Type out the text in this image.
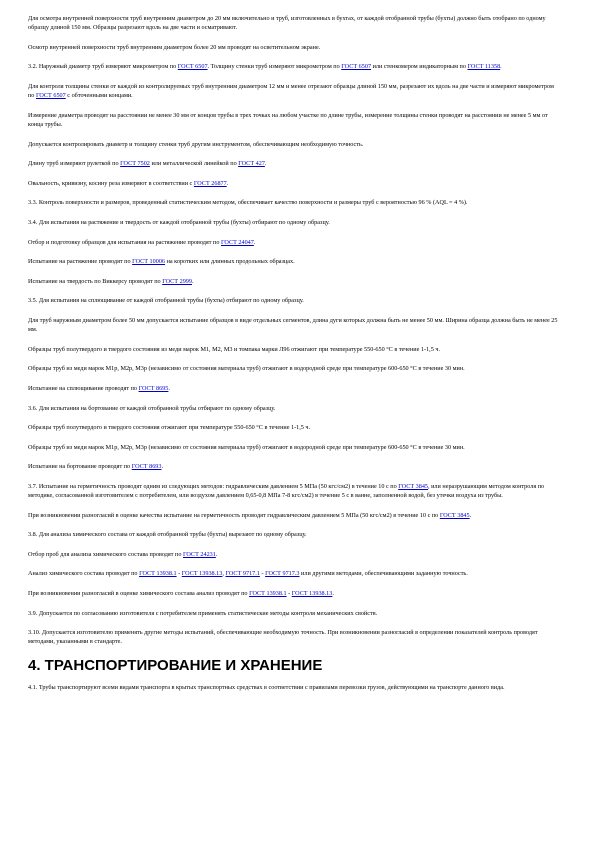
Для осмотра внутренней поверхности труб внутренним диаметром до 20 мм включительно и труб, изготовленных в бухтах, от каждой отобранной трубы (бухты) должно быть отобрано по одному образцу длиной 150 мм. Образцы разрезают вдоль на две части и осматривают.

Осмотр внутренней поверхности труб внутренним диаметром более 20 мм проводят на осветительном экране.

3.2. Наружный диаметр труб измеряют микрометром по ГОСТ 6507. Толщину стенки труб измеряют микрометром по ГОСТ 6507 или стенкомером индикаторным по ГОСТ 11358.

Для контроля толщины стенки от каждой из контролируемых труб внутренним диаметром 12 мм и менее отрезают образцы длиной 150 мм, разрезают их вдоль на две части и измеряют микрометром по ГОСТ 6507 с обточенными концами.

Измерение диаметра проводят на расстоянии не менее 30 мм от концов трубы в трех точках на любом участке по длине трубы, измерение толщины стенки проводят на расстоянии не менее 5 мм от конца трубы.

Допускается контролировать диаметр и толщину стенки труб другим инструментом, обеспечивающим необходимую точность.

Длину труб измеряют рулеткой по ГОСТ 7502 или металлической линейкой по ГОСТ 427.

Овальность, кривизну, косину реза измеряют в соответствии с ГОСТ 26877.

3.3. Контроль поверхности и размеров, проведенный статистическим методом, обеспечивает качество поверхности и размеры труб с вероятностью 96 % (AQL = 4 %).

3.4. Для испытания на растяжение и твердость от каждой отобранной трубы (бухты) отбирают по одному образцу.

Отбор и подготовку образцов для испытания на растяжение проводят по ГОСТ 24047.

Испытание на растяжение проводят по ГОСТ 10006 на коротких или длинных продольных образцах.

Испытание на твердость по Виккерсу проводят по ГОСТ 2999.

3.5. Для испытания на сплющивание от каждой отобранной трубы (бухты) отбирают по одному образцу.

Для труб наружным диаметром более 50 мм допускается испытание образцов в виде отдельных сегментов, длина дуги которых должна быть не менее 50 мм. Ширина образца должна быть не менее 25 мм.

Образцы труб полутвердого и твердого состояния из меди марок М1, М2, М3 и томпака марки Л96 отжигают при температуре 550-650 °С в течение 1-1,5 ч.

Образцы труб из меди марок М1р, М2р, М3р (независимо от состояния материала труб) отжигают в водородной среде при температуре 600-650 °С в течение 30 мин.

Испытание на сплющивание проводят по ГОСТ 8695.

3.6. Для испытания на бортование от каждой отобранной трубы отбирают по одному образцу.

Образцы труб полутвердого и твердого состояния отжигают при температуре 550-650 °С в течение 1-1,5 ч.

Образцы труб из меди марок М1р, М2р, М3р (независимо от состояния материала труб) отжигают в водородной среде при температуре 600-650 °С в течение 30 мин.

Испытание на бортование проводят по ГОСТ 8693.

3.7. Испытание на герметичность проводят одним из следующих методов: гидравлическим давлением 5 МПа (50 кгс/см2) в течение 10 с по ГОСТ 3845, или неразрушающим методом контроля по методике, согласованной изготовителем с потребителем, или воздухом давлением 0,65-0,8 МПа 7-8 кгс/см2) в течение 5 с в ванне, заполненной водой, без утечки воздуха из трубы.

При возникновении разногласий в оценке качества испытание на герметичность проводят гидравлическим давлением 5 МПа (50 кгс/см2) в течение 10 с по ГОСТ 3845.

3.8. Для анализа химического состава от каждой отобранной трубы (бухты) вырезают по одному образцу.

Отбор проб для анализа химического состава проводят по ГОСТ 24231.

Анализ химического состава проводят по ГОСТ 13938.1 - ГОСТ 13938.13, ГОСТ 9717.1 - ГОСТ 9717.3 или другими методами, обеспечивающими заданную точность.

При возникновении разногласий в оценке химического состава анализ проводят по ГОСТ 13938.1 - ГОСТ 13938.13.

3.9. Допускается по согласованию изготовителя с потребителем применять статистические методы контроля механических свойств.

3.10. Допускается изготовителю применять другие методы испытаний, обеспечивающие необходимую точность. При возникновении разногласий в определении показателей контроль проводят методами, указанными в стандарте.

4. ТРАНСПОРТИРОВАНИЕ И ХРАНЕНИЕ

4.1. Трубы транспортируют всеми видами транспорта в крытых транспортных средствах в соответствии с правилами перевозки грузов, действующими на транспорте данного вида.
